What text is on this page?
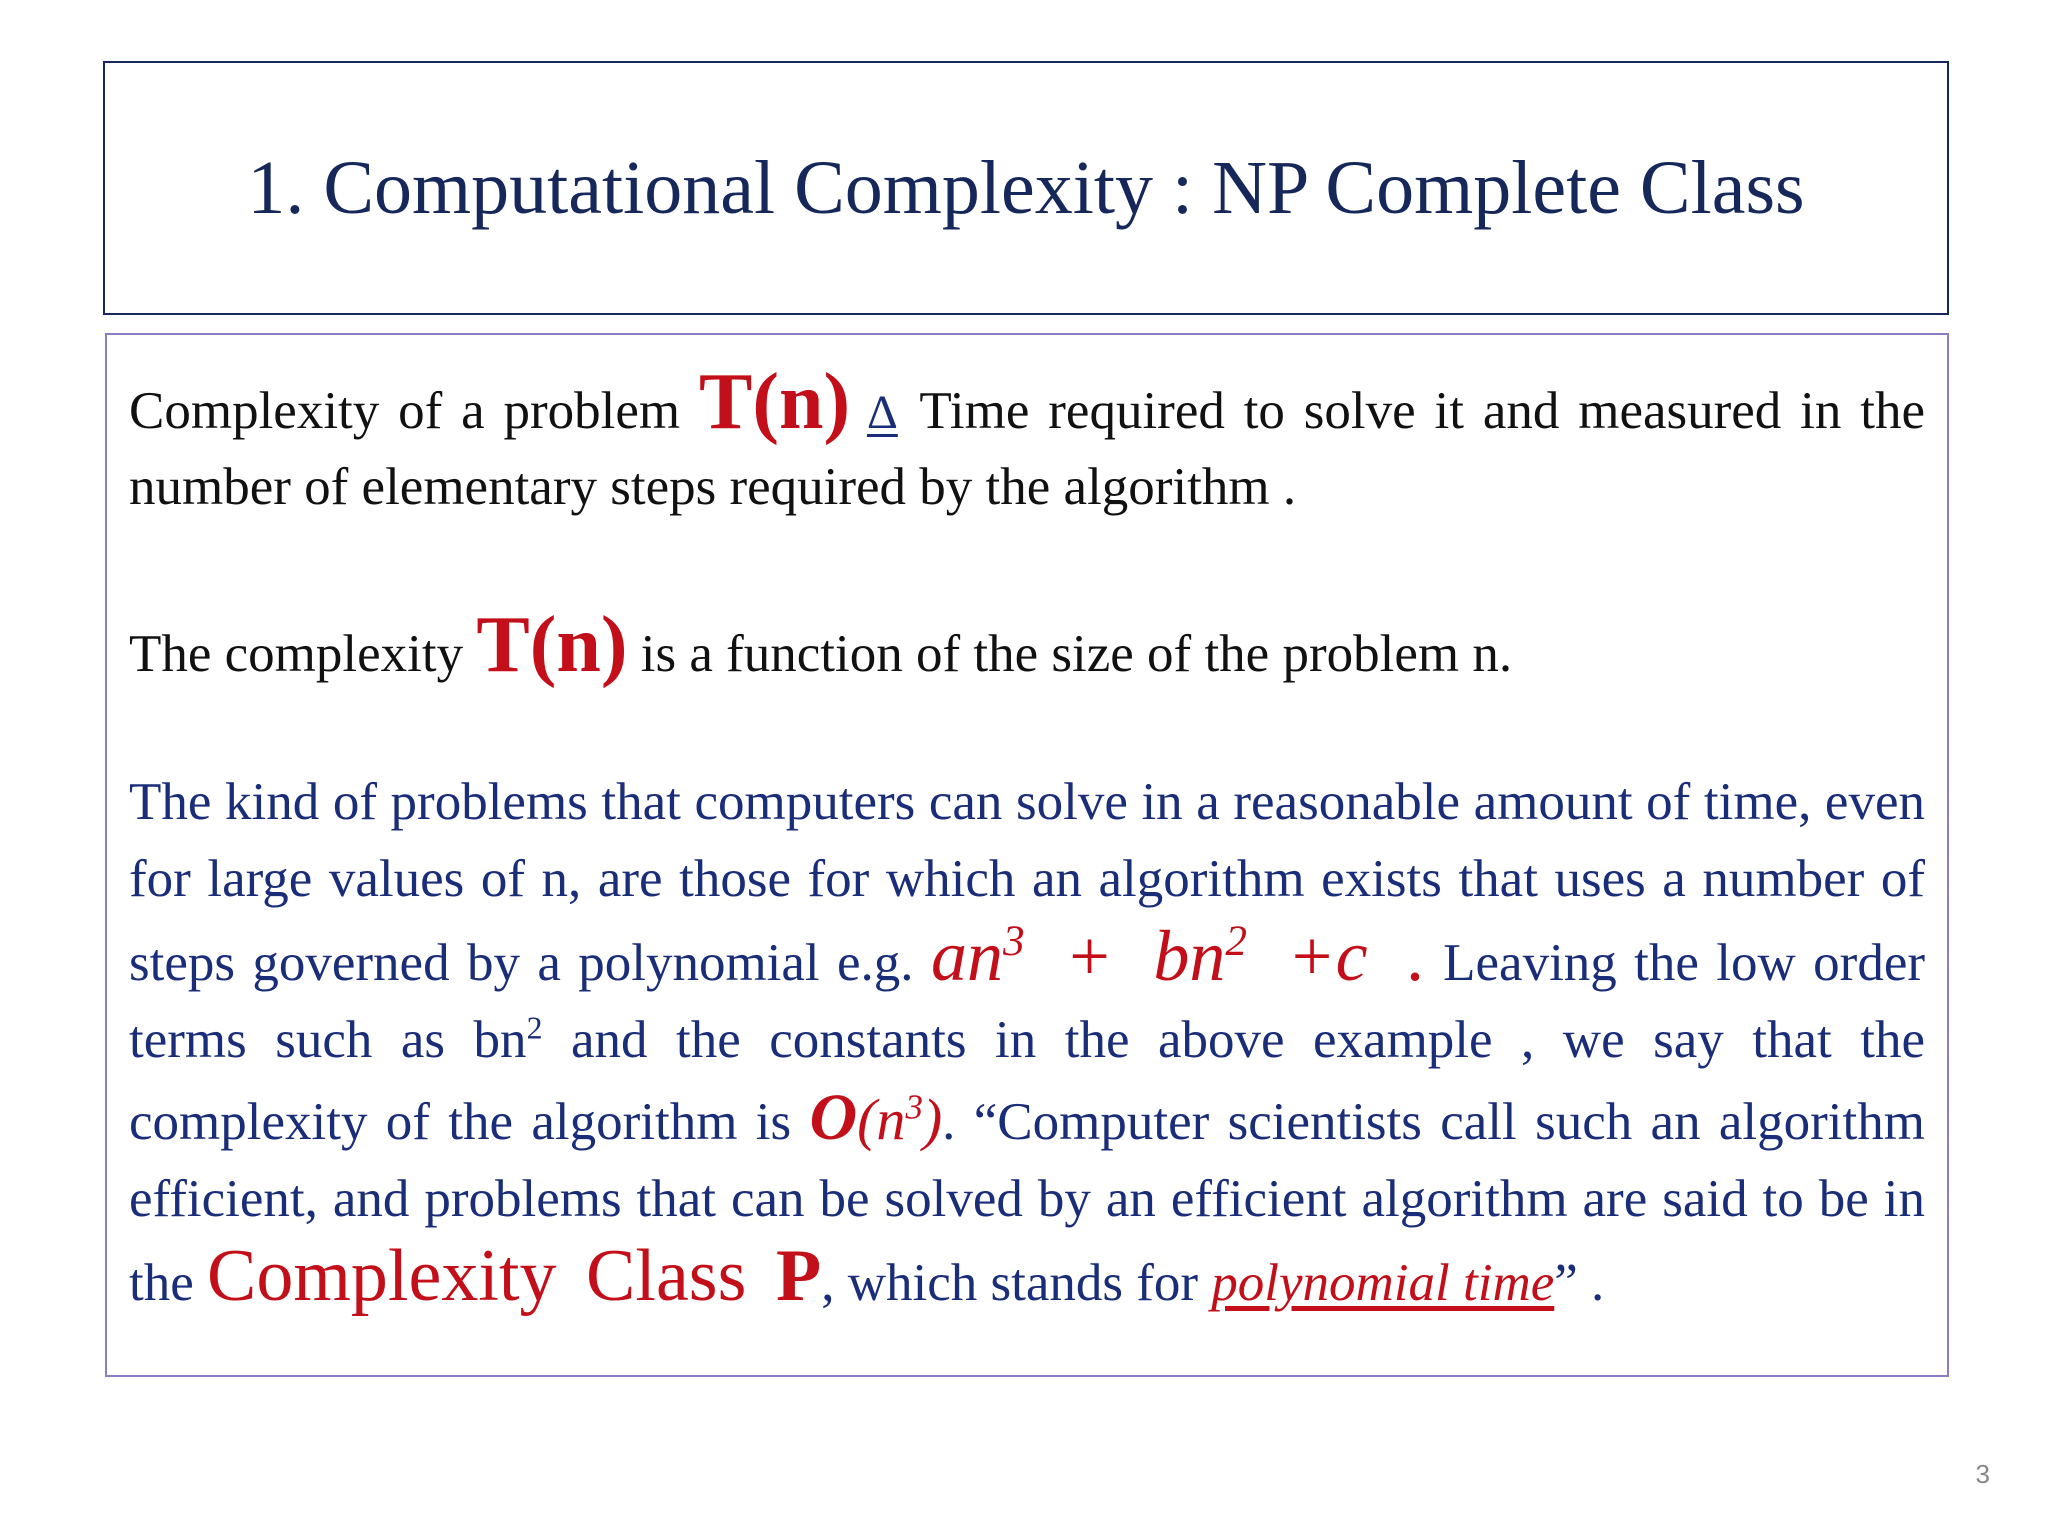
1. Computational Complexity : NP Complete Class

Complexity of a problem T(n) Δ Time required to solve it and measured in the number of elementary steps required by the algorithm .

The complexity T(n) is a function of the size of the problem n.

The kind of problems that computers can solve in a reasonable amount of time, even for large values of n, are those for which an algorithm exists that uses a number of steps governed by a polynomial e.g. $an^3 + bn^2 +c$ . Leaving the low order terms such as $bn^2$ and the constants in the above example , we say that the complexity of the algorithm is $O(n^3)$. “Computer scientists call such an algorithm efficient, and problems that can be solved by an efficient algorithm are said to be in the Complexity Class P, which stands for polynomial time” .

3
